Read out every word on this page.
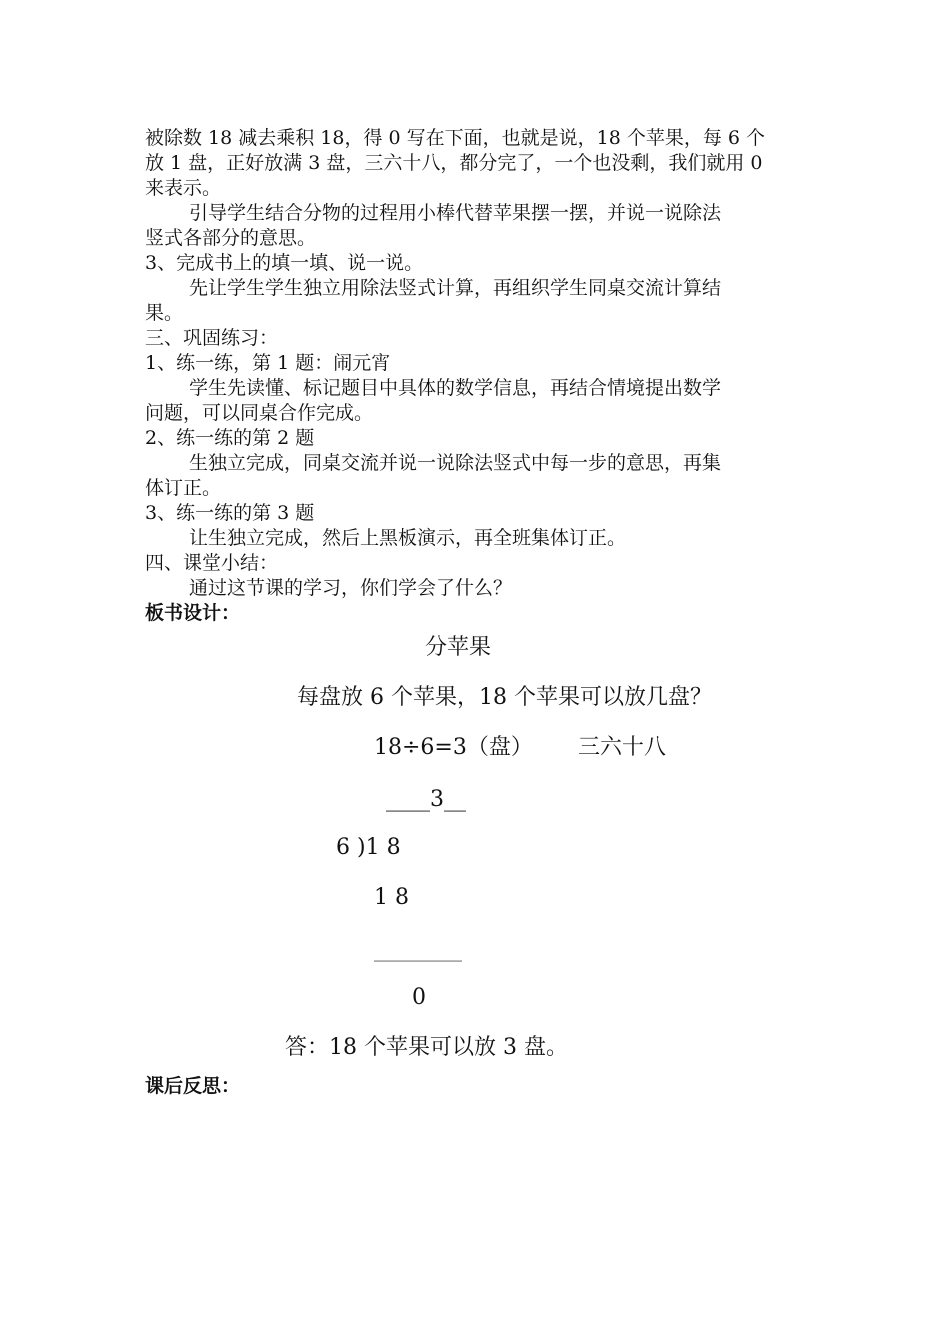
被除数 18 减去乘积 18，得 0 写在下面，也就是说，18 个苹果，每 6 个
放 1 盘，正好放满 3 盘，三六十八，都分完了，一个也没剩，我们就用 0
来表示。
引导学生结合分物的过程用小棒代替苹果摆一摆，并说一说除法
竖式各部分的意思。
3、完成书上的填一填、说一说。
先让学生学生独立用除法竖式计算，再组织学生同桌交流计算结
果。
三、巩固练习：
1、练一练，第 1 题：闹元宵
学生先读懂、标记题目中具体的数学信息，再结合情境提出数学
问题，可以同桌合作完成。
2、练一练的第 2 题
生独立完成，同桌交流并说一说除法竖式中每一步的意思，再集
体订正。
3、练一练的第 3 题
让生独立完成，然后上黑板演示，再全班集体订正。
四、课堂小结：
通过这节课的学习，你们学会了什么？
板书设计：
分苹果
每盘放 6 个苹果，18 个苹果可以放几盘？
18÷6=3（盘） 三六十八
____3__
6 )1 8
1 8
________
0
答：18 个苹果可以放 3 盘。
课后反思：
